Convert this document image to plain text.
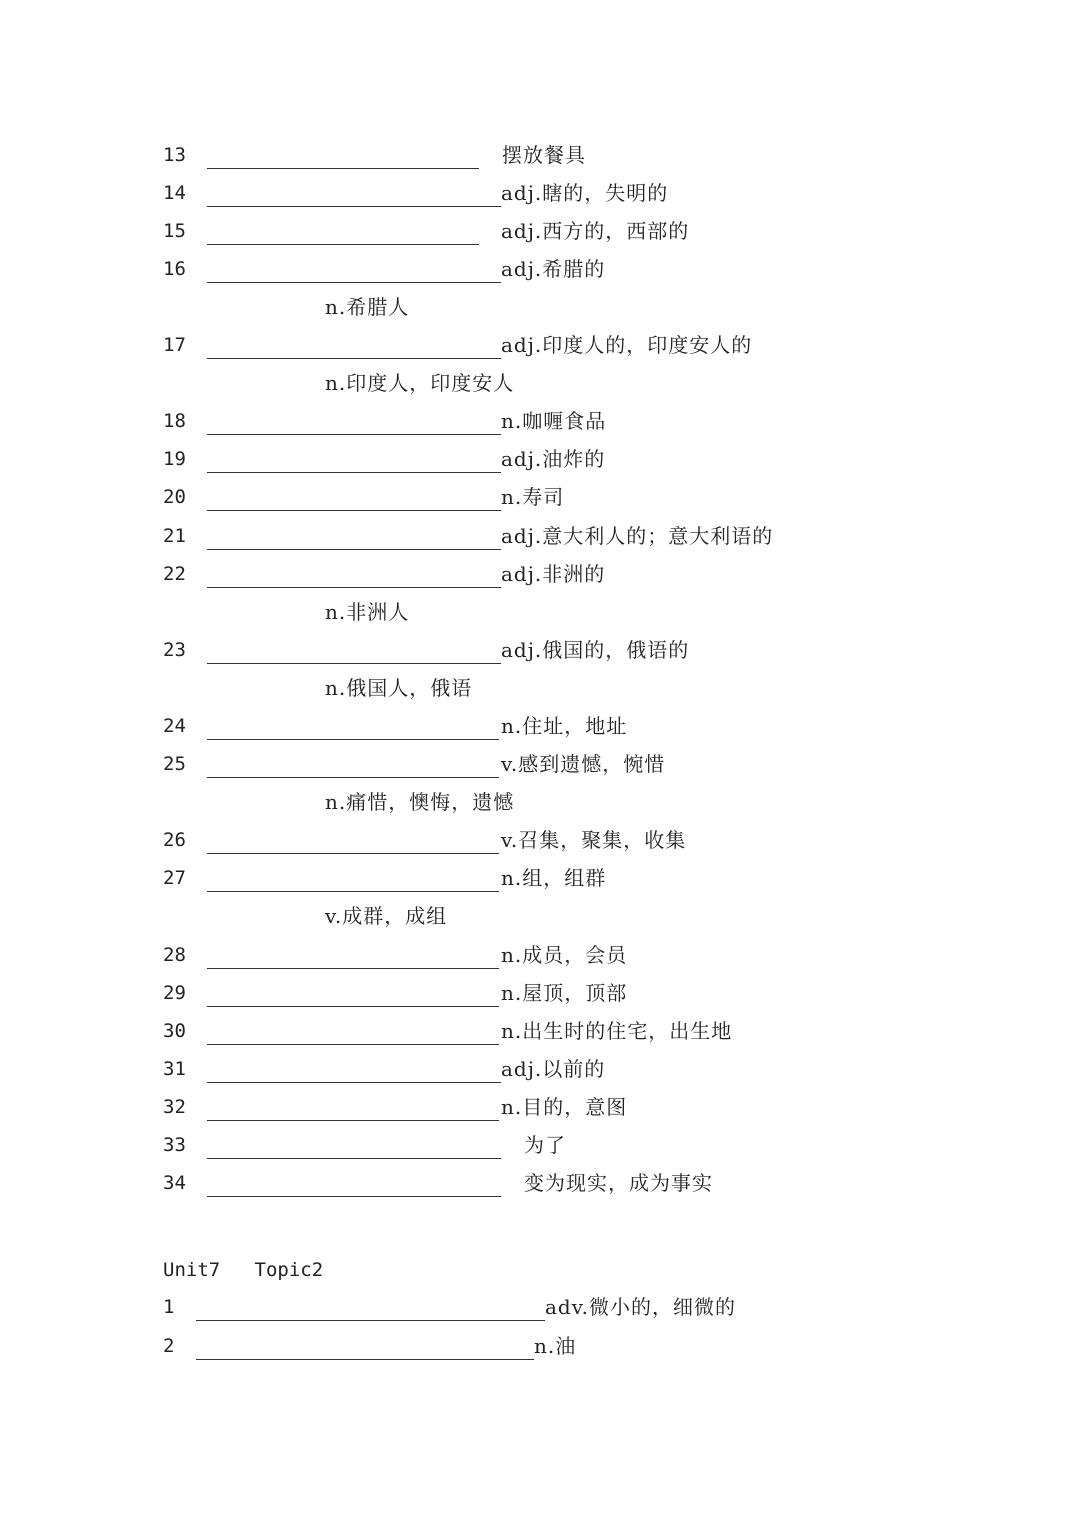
13	摆放餐具
14	adj.瞎的，失明的
15	adj.西方的，西部的
16	adj.希腊的
n.希腊人
17	adj.印度人的，印度安人的
n.印度人，印度安人
18	n.咖喱食品
19	adj.油炸的
20	n.寿司
21	adj.意大利人的；意大利语的
22	adj.非洲的
n.非洲人
23	adj.俄国的，俄语的
n.俄国人，俄语
24	n.住址，地址
25	v.感到遗憾，惋惜
n.痛惜，懊悔，遗憾
26	v.召集，聚集，收集
27	n.组，组群
v.成群，成组
28	n.成员，会员
29	n.屋顶，顶部
30	n.出生时的住宅，出生地
31	adj.以前的
32	n.目的，意图
33	为了
34	变为现实，成为事实
Unit7   Topic2
1	adv.微小的，细微的
2	n.油
